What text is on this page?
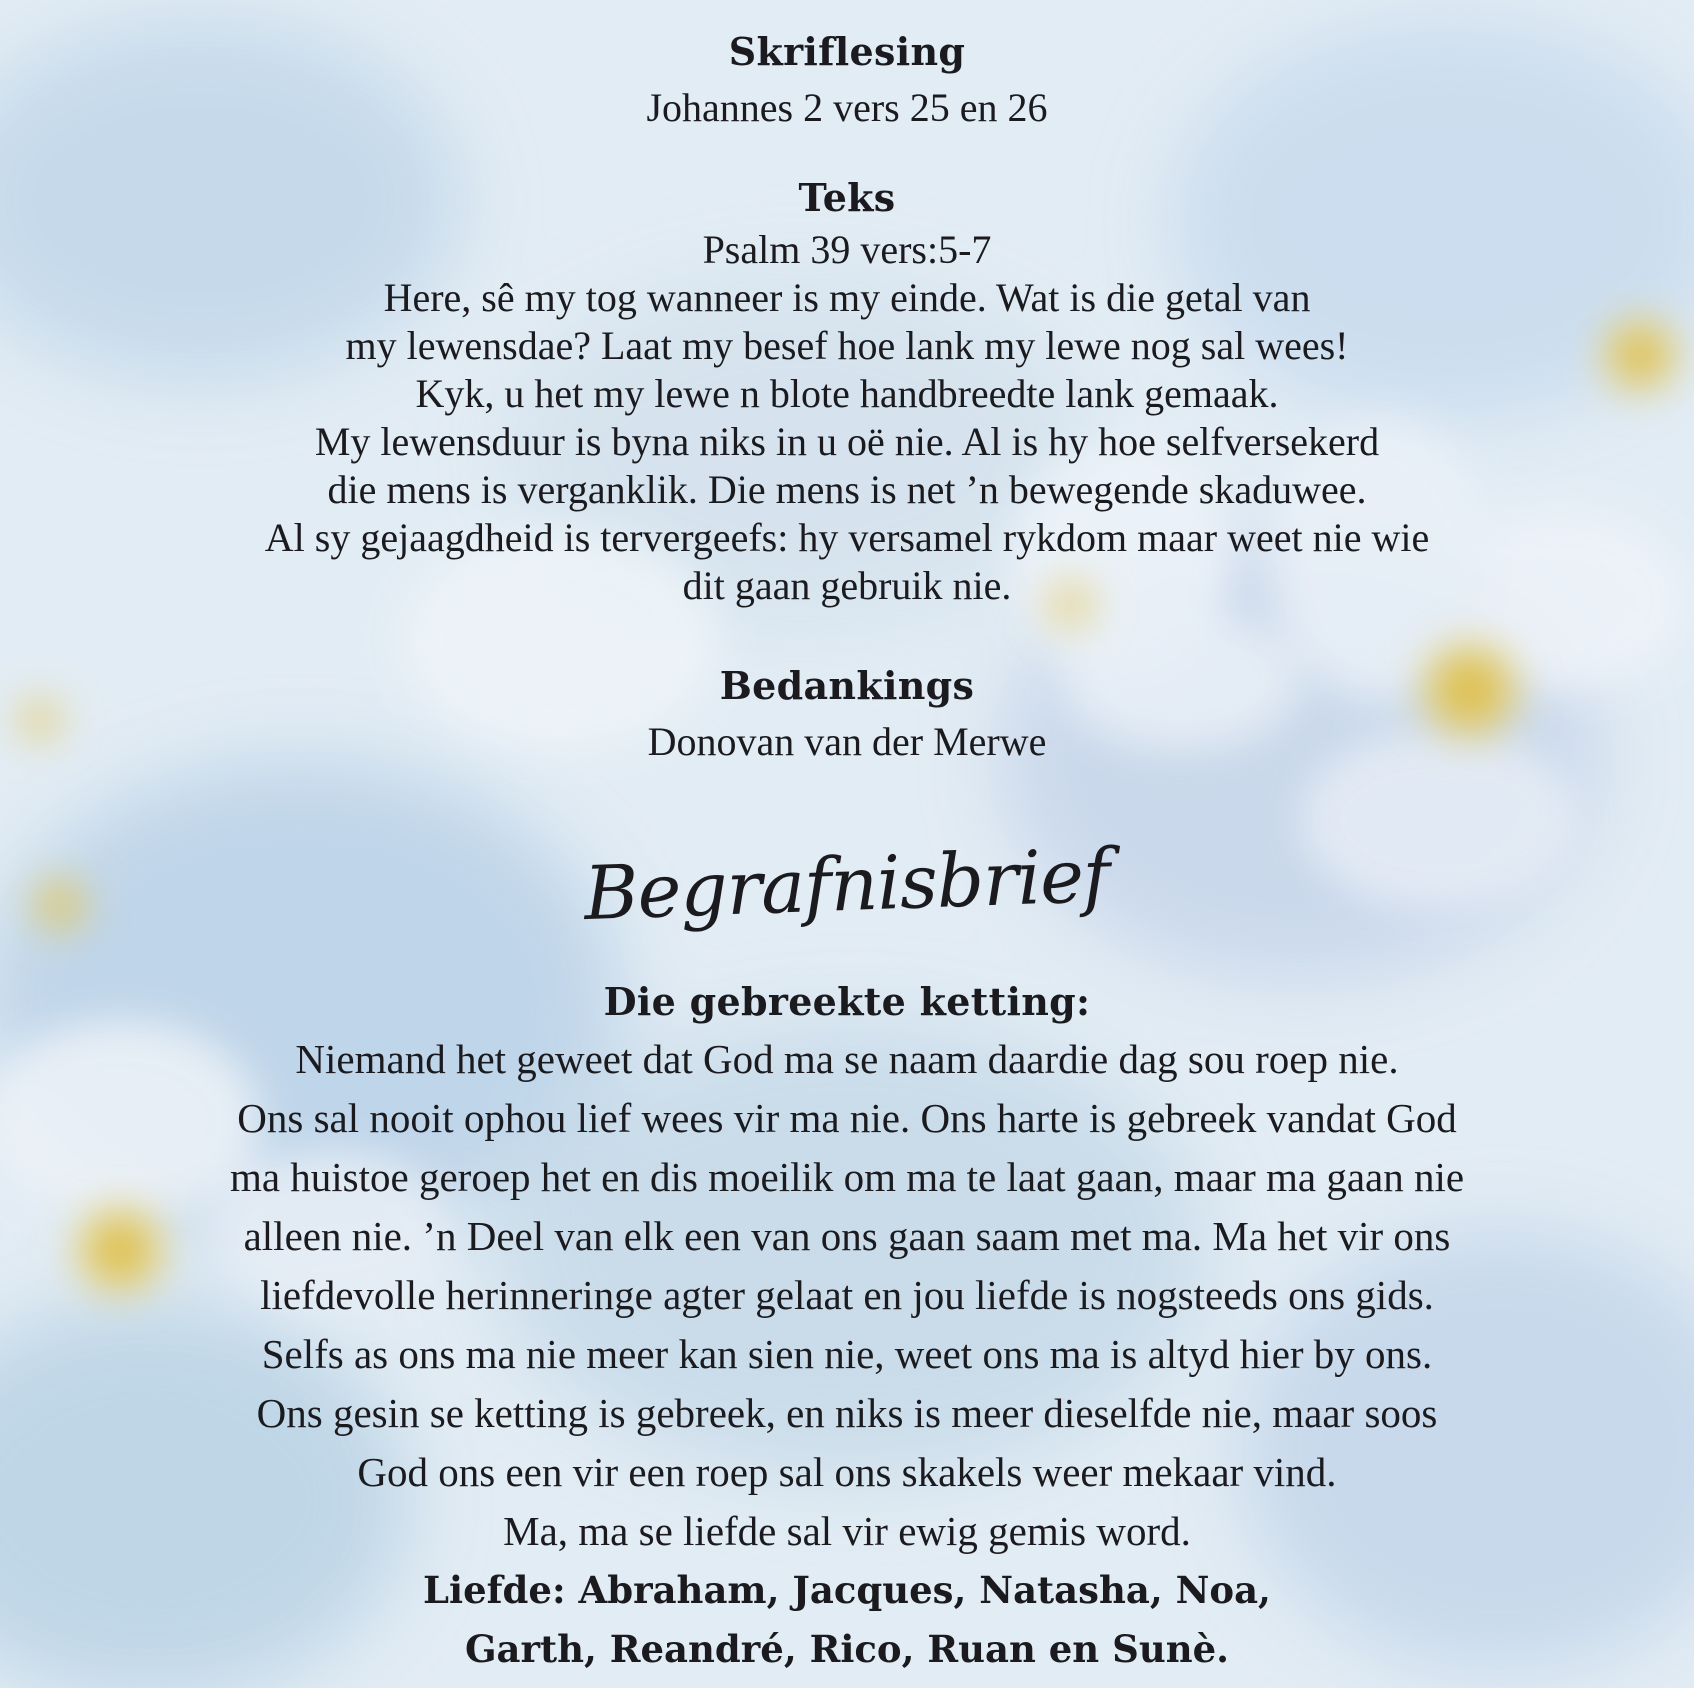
Skriflesing

Johannes 2 vers 25 en 26

Teks

Psalm 39 vers:5-7

Here, sê my tog wanneer is my einde. Wat is die getal van

my lewensdae? Laat my besef hoe lank my lewe nog sal wees!

Kyk, u het my lewe n blote handbreedte lank gemaak.

My lewensduur is byna niks in u oë nie. Al is hy hoe selfversekerd

die mens is verganklik. Die mens is net ’n bewegende skaduwee.

Al sy gejaagdheid is tervergeefs: hy versamel rykdom maar weet nie wie

dit gaan gebruik nie.

Bedankings

Donovan van der Merwe

Begrafnisbrief

Die gebreekte ketting:

Niemand het geweet dat God ma se naam daardie dag sou roep nie.

Ons sal nooit ophou lief wees vir ma nie. Ons harte is gebreek vandat God

ma huistoe geroep het en dis moeilik om ma te laat gaan, maar ma gaan nie

alleen nie. ’n Deel van elk een van ons gaan saam met ma. Ma het vir ons

liefdevolle herinneringe agter gelaat en jou liefde is nogsteeds ons gids.

Selfs as ons ma nie meer kan sien nie, weet ons ma is altyd hier by ons.

Ons gesin se ketting is gebreek, en niks is meer dieselfde nie, maar soos

God ons een vir een roep sal ons skakels weer mekaar vind.

Ma, ma se liefde sal vir ewig gemis word.

Liefde: Abraham, Jacques, Natasha, Noa,

Garth, Reandré, Rico, Ruan en Sunè.
